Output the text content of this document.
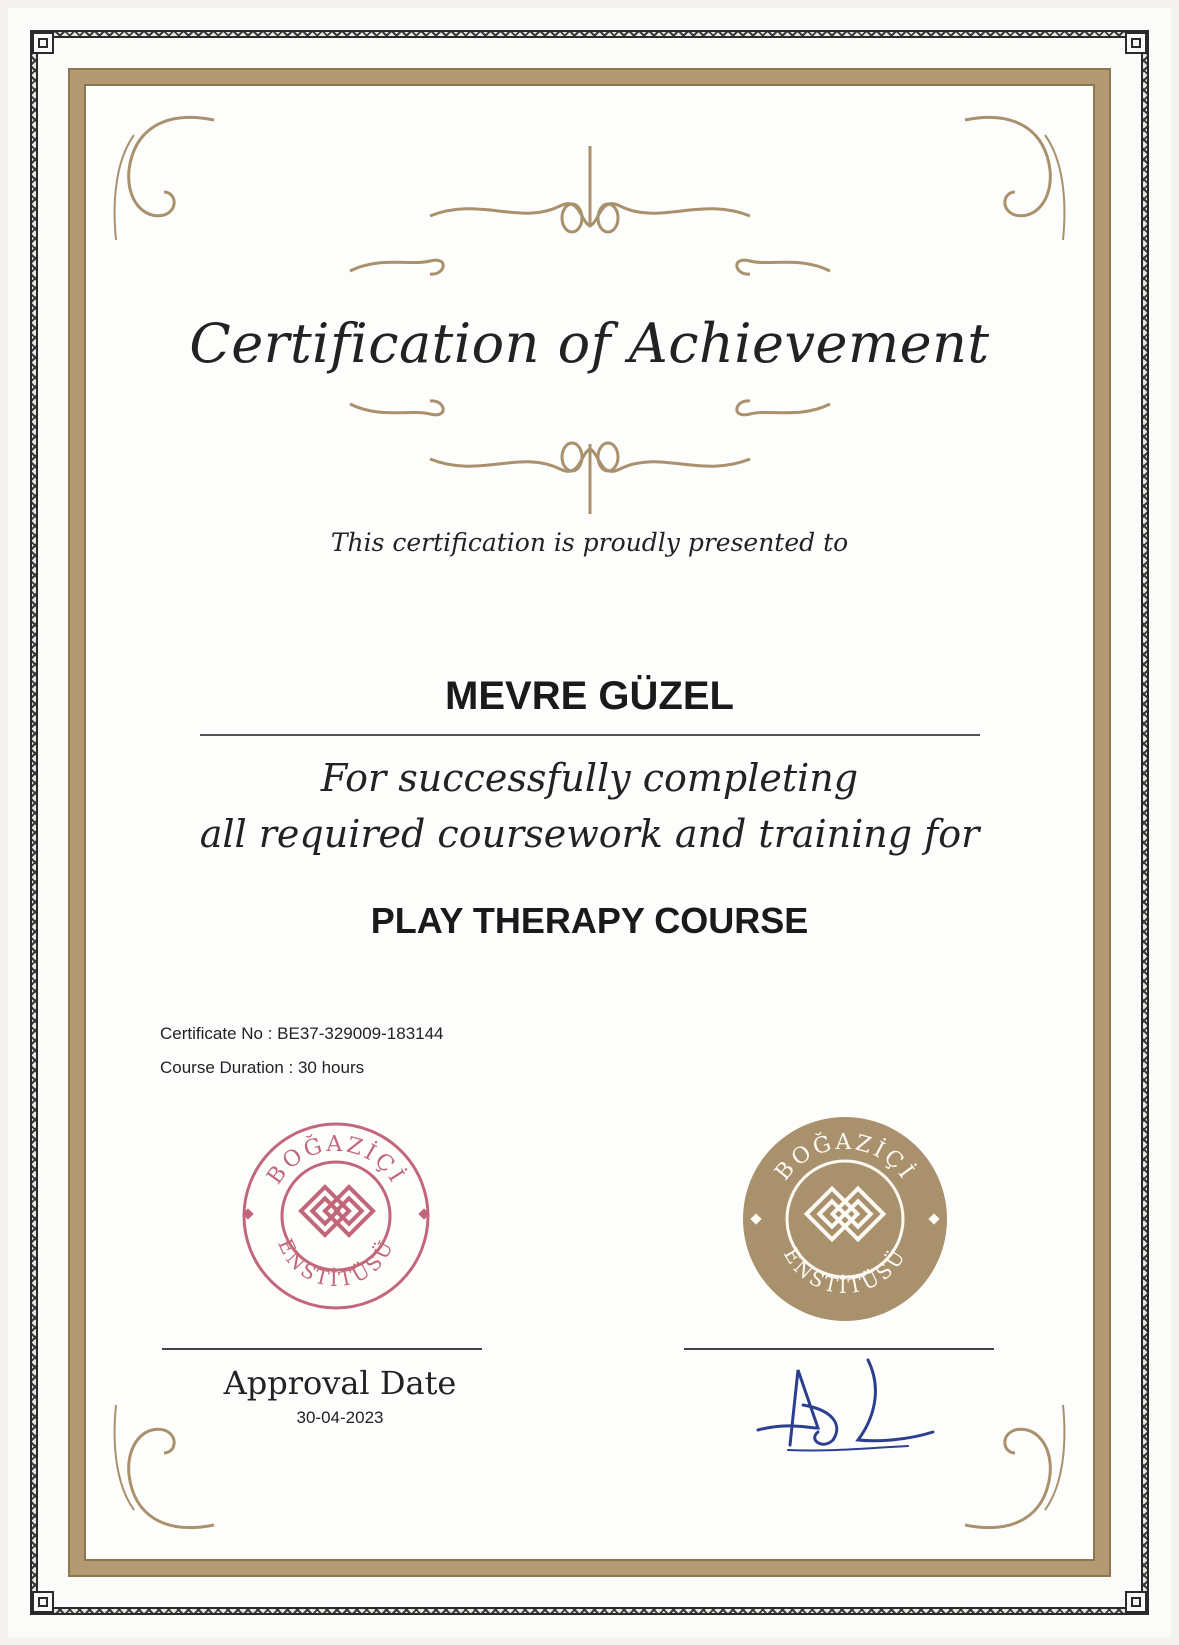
Certification of Achievement
This certification is proudly presented to
MEVRE GÜZEL
For successfully completing
all required coursework and training for
PLAY THERAPY COURSE
Certificate No : BE37-329009-183144
Course Duration : 30 hours
BOĞAZİÇİ
ENSTİTÜSÜ
BOĞAZİÇİ
ENSTİTÜSÜ
Approval Date
30-04-2023
